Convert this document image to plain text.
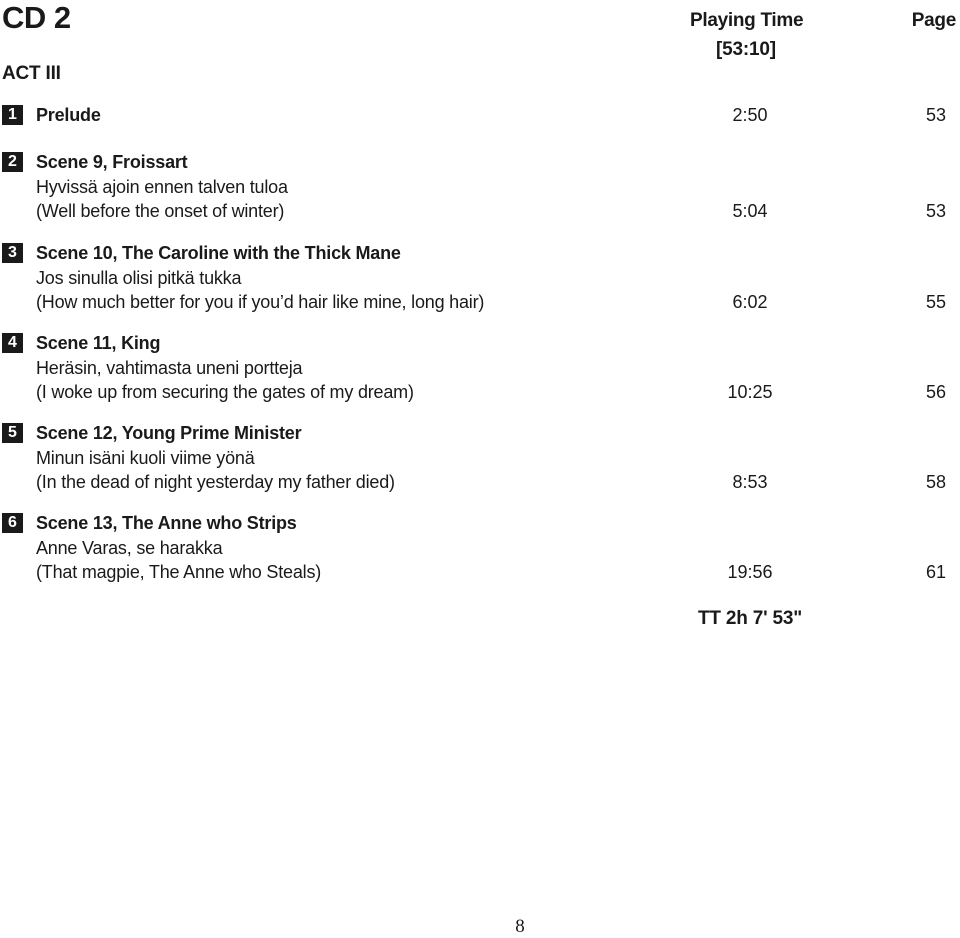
CD 2	Playing Time
[53:10]
Page
ACT III
1	Prelude	2:50	53
2	Scene 9, Froissart
Hyvissä ajoin ennen talven tuloa
(Well before the onset of winter)	5:04	53
3	Scene 10, The Caroline with the Thick Mane
Jos sinulla olisi pitkä tukka
(How much better for you if you’d hair like mine, long hair)	6:02	55
4	Scene 11, King
Heräsin, vahtimasta uneni portteja
(I woke up from securing the gates of my dream)	10:25	56
5	Scene 12, Young Prime Minister
Minun isäni kuoli viime yönä
(In the dead of night yesterday my father died)	8:53	58
6	Scene 13, The Anne who Strips
Anne Varas, se harakka
(That magpie, The Anne who Steals)	19:56	61
TT 2h 7' 53"
8
